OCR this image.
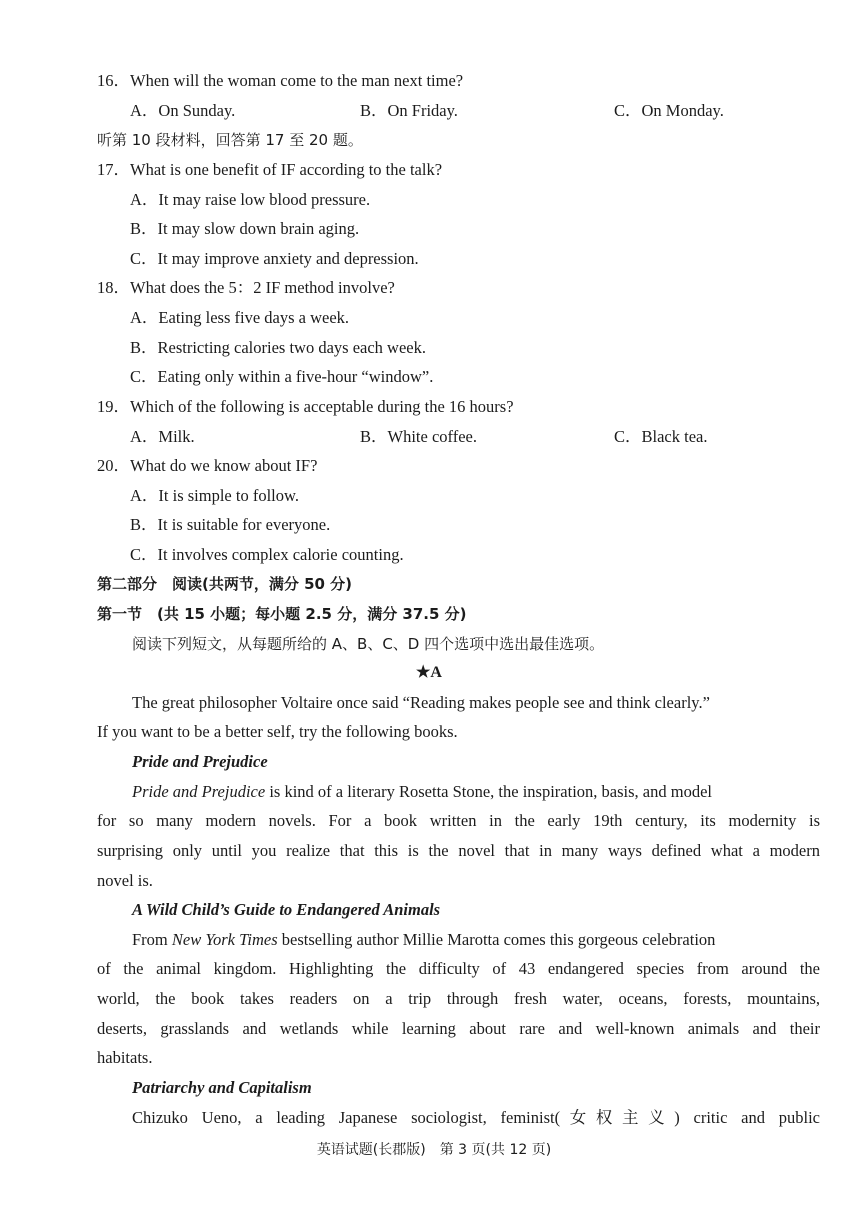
16．When will the woman come to the man next time?
A．On Sunday.	B．On Friday.	C．On Monday.
听第 10 段材料，回答第 17 至 20 题。
17．What is one benefit of IF according to the talk?
A．It may raise low blood pressure.
B．It may slow down brain aging.
C．It may improve anxiety and depression.
18．What does the 5：2 IF method involve?
A．Eating less five days a week.
B．Restricting calories two days each week.
C．Eating only within a five-hour “window”.
19．Which of the following is acceptable during the 16 hours?
A．Milk.	B．White coffee.	C．Black tea.
20．What do we know about IF?
A．It is simple to follow.
B．It is suitable for everyone.
C．It involves complex calorie counting.
第二部分　阅读(共两节，满分 50 分)
第一节　(共 15 小题；每小题 2.5 分，满分 37.5 分)
阅读下列短文，从每题所给的 A、B、C、D 四个选项中选出最佳选项。
★A
The great philosopher Voltaire once said “Reading makes people see and think clearly.”
If you want to be a better self, try the following books.
Pride and Prejudice
Pride and Prejudice is kind of a literary Rosetta Stone, the inspiration, basis, and model
for so many modern novels. For a book written in the early 19th century, its modernity is
surprising only until you realize that this is the novel that in many ways defined what a modern
novel is.
A Wild Child’s Guide to Endangered Animals
From New York Times bestselling author Millie Marotta comes this gorgeous celebration
of the animal kingdom. Highlighting the difficulty of 43 endangered species from around the
world, the book takes readers on a trip through fresh water, oceans, forests, mountains,
deserts, grasslands and wetlands while learning about rare and well-known animals and their
habitats.
Patriarchy and Capitalism
Chizuko Ueno, a leading Japanese sociologist, feminist(女权主义) critic and public
英语试题(长郡版)　第 3 页(共 12 页)
